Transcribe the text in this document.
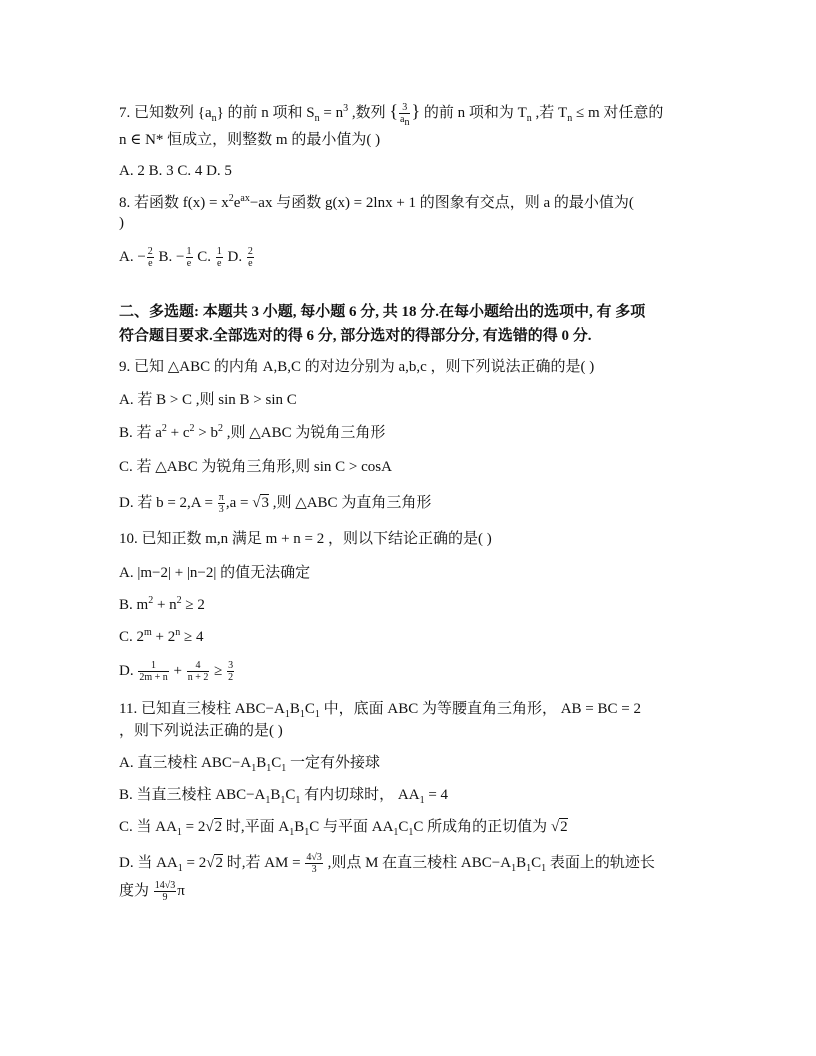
7. 已知数列 $\{a_n\}$ 的前 n 项和 $S_n = n^3$ ,数列 { $\frac{3}{a_n}$ } 的前 n 项和为 $T_n$ ,若 $T_n \le m$ 对任意的
n ∈ N* 恒成立，则整数 m 的最小值为( )
A. 2 B. 3 C. 4 D. 5
8. 若函数 $f(x) = x^2e^{ax}-ax$ 与函数 g(x) = 2lnx + 1 的图象有交点，则 a 的最小值为(
)
A. − $\frac{2}{e} B$. − $\frac{1}{e} C$. $\frac{1}{e} D$. $\frac{2}{e}$
二、多选题: 本题共 3 小题, 每小题 6 分, 共 18 分.在每小题给出的选项中, 有 多项
符合题目要求.全部选对的得 6 分, 部分选对的得部分分, 有选错的得 0 分.
9. 已知 △ABC 的内角 A,B,C 的对边分别为 a,b,c ，则下列说法正确的是( )
A. 若 B > C ,则 sin B > sin C
B. 若 $a^2 + c^2 > b^2$ ,则 △ABC 为锐角三角形
C. 若 △ABC 为锐角三角形,则 sin C > cosA
D. 若 $b = 2,A = \frac{\pi}{3} ,a = √3$ ,则 △ABC 为直角三角形
10. 已知正数 m,n 满足 m + n = 2 ，则以下结论正确的是( )
A. |m−2| + |n−2| 的值无法确定
B. $m^2 + n^2 \ge 2$
C. $2^m + 2^n \ge 4$
D. $\frac{1}{2m + n} + \frac{4}{n + 2} \ge \frac{3}{2}$
11. 已知直三棱柱 $ABC-A_1B_1C_1$ 中，底面 ABC 为等腰直角三角形， AB = BC = 2
，则下列说法正确的是( )
A. 直三棱柱 $ABC-A_1B_1C_1$ 一定有外接球
B. 当直三棱柱 $ABC-A_1B_1C_1$ 有内切球时， $AA_1 = 4$
C. 当 $AA_1 = 2√2$ 时,平面 $A_1B_1C$ 与平面 $AA_1C_1C$ 所成角的正切值为 √2
D. 当 $AA_1 = 2√2$ 时,若 AM = $\frac{4√3}{3}$ ,则点 M 在直三棱柱 $ABC-A_1B_1C_1$ 表面上的轨迹长
度为 $\frac{14√3}{9}$ π
